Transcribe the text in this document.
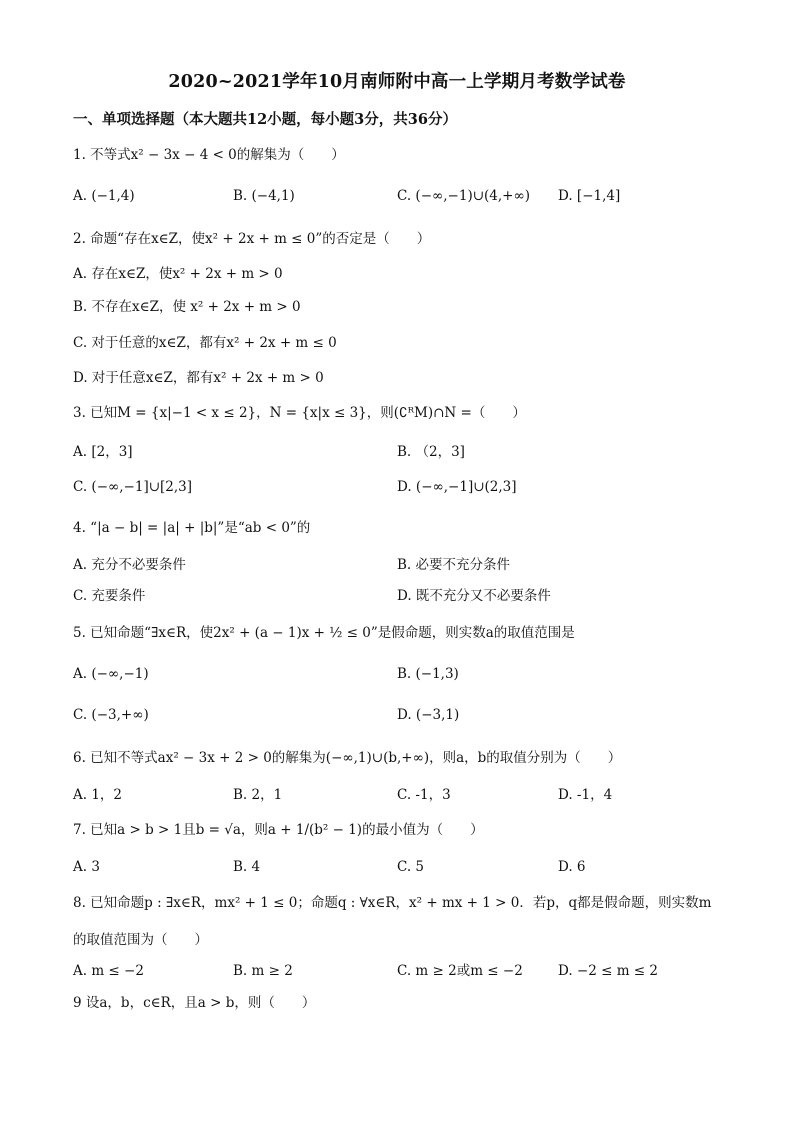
2020~2021学年10月南师附中高一上学期月考数学试卷
一、单项选择题（本大题共12小题，每小题3分，共36分）
1. 不等式x² − 3x − 4 < 0的解集为（　　）
A. (−1,4)	B. (−4,1)	C. (−∞,−1)∪(4,+∞) D. [−1,4]
2. 命题“存在x∈Z，使x² + 2x + m ≤ 0”的否定是（　　）
A. 存在x∈Z，使x² + 2x + m > 0
B. 不存在x∈Z，使 x² + 2x + m > 0
C. 对于任意的x∈Z，都有x² + 2x + m ≤ 0
D. 对于任意x∈Z，都有x² + 2x + m > 0
3. 已知M = {x|−1 < x ≤ 2}，N = {x|x ≤ 3}，则(∁ᴿM)∩N =（　　）
A. [2，3]	B. （2，3]
C. (−∞,−1]∪[2,3]	D. (−∞,−1]∪(2,3]
4. “|a − b| = |a| + |b|”是“ab < 0”的
A. 充分不必要条件	B. 必要不充分条件
C. 充要条件	D. 既不充分又不必要条件
5. 已知命题“∃x∈R，使2x² + (a − 1)x + ½ ≤ 0”是假命题，则实数a的取值范围是
A. (−∞,−1)	B. (−1,3)
C. (−3,+∞)	D. (−3,1)
6. 已知不等式ax² − 3x + 2 > 0的解集为(−∞,1)∪(b,+∞)，则a，b的取值分别为（　　）
A. 1，2	B. 2，1	C. -1，3	D. -1，4
7. 已知a > b > 1且b = √a，则a + 1/(b² − 1)的最小值为（　　）
A. 3	B. 4	C. 5	D. 6
8. 已知命题p : ∃x∈R，mx² + 1 ≤ 0；命题q : ∀x∈R，x² + mx + 1 > 0．若p，q都是假命题，则实数m
的取值范围为（　　）
A. m ≤ −2	B. m ≥ 2	C. m ≥ 2或m ≤ −2	D. −2 ≤ m ≤ 2
9 设a，b，c∈R，且a > b，则（　　）
